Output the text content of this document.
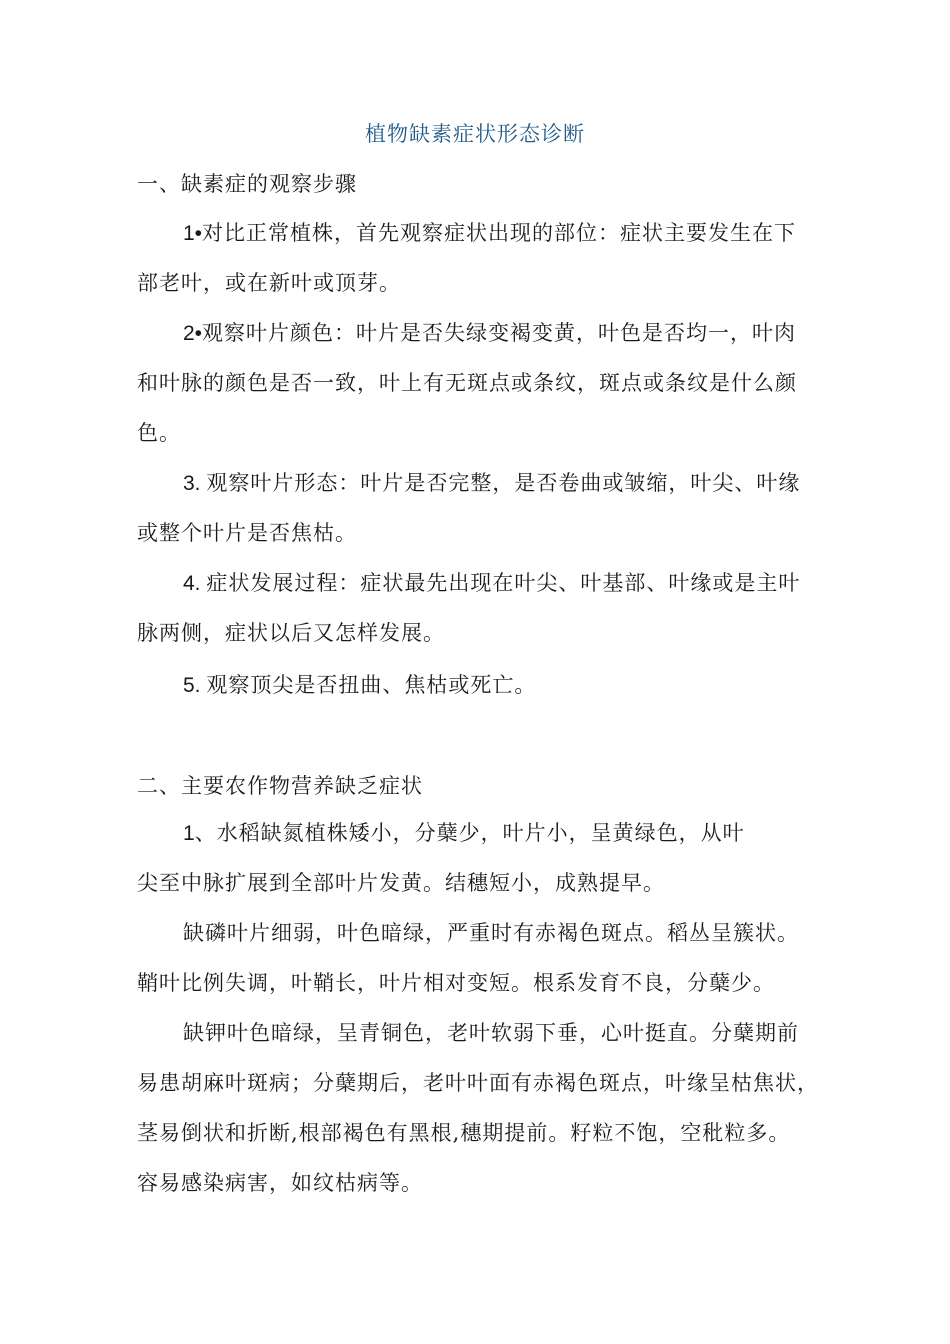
植物缺素症状形态诊断
一、缺素症的观察步骤
1•对比正常植株，首先观察症状出现的部位：症状主要发生在下
部老叶，或在新叶或顶芽。
2•观察叶片颜色：叶片是否失绿变褐变黄，叶色是否均一，叶肉
和叶脉的颜色是否一致，叶上有无斑点或条纹，斑点或条纹是什么颜
色。
3. 观察叶片形态：叶片是否完整，是否卷曲或皱缩，叶尖、叶缘
或整个叶片是否焦枯。
4. 症状发展过程：症状最先出现在叶尖、叶基部、叶缘或是主叶
脉两侧，症状以后又怎样发展。
5. 观察顶尖是否扭曲、焦枯或死亡。
二、主要农作物营养缺乏症状
1、水稻缺氮植株矮小，分蘖少，叶片小，呈黄绿色，从叶
尖至中脉扩展到全部叶片发黄。结穗短小，成熟提早。
缺磷叶片细弱，叶色暗绿，严重时有赤褐色斑点。稻丛呈簇状。
鞘叶比例失调，叶鞘长，叶片相对变短。根系发育不良，分蘖少。
缺钾叶色暗绿，呈青铜色，老叶软弱下垂，心叶挺直。分蘖期前
易患胡麻叶斑病；分蘖期后，老叶叶面有赤褐色斑点，叶缘呈枯焦状，
茎易倒状和折断,根部褐色有黑根,穗期提前。籽粒不饱，空秕粒多。
容易感染病害，如纹枯病等。
